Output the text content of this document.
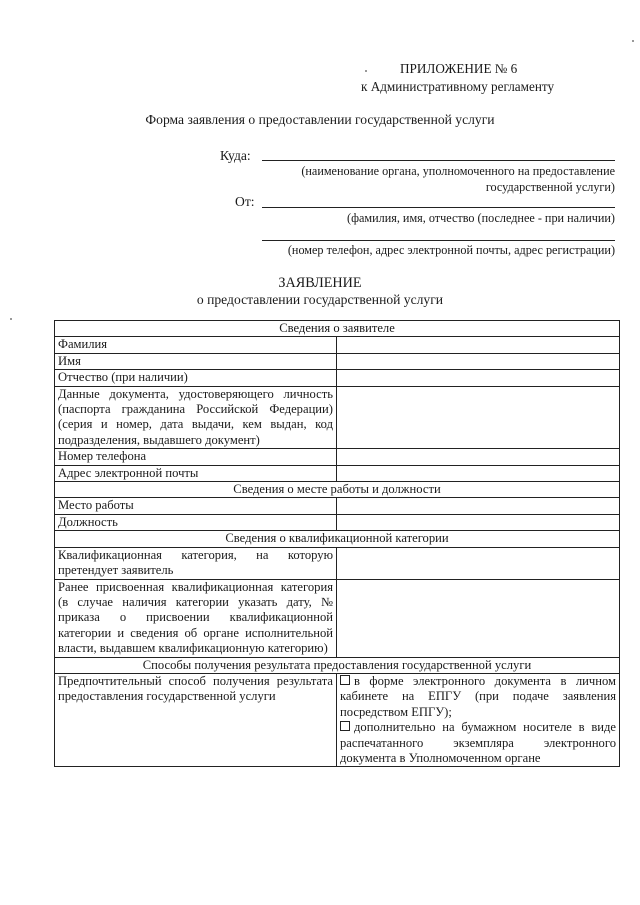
ПРИЛОЖЕНИЕ № 6
к Административному регламенту
Форма заявления о предоставлении государственной услуги
Куда:
(наименование органа, уполномоченного на предоставление государственной услуги)
От:
(фамилия, имя, отчество (последнее - при наличии)
(номер телефон, адрес электронной почты, адрес регистрации)
ЗАЯВЛЕНИЕ
о предоставлении государственной услуги
Сведения о заявителе	
Фамилия	
Имя	
Отчество (при наличии)	
Данные документа, удостоверяющего личность (паспорта гражданина Российской Федерации) (серия и номер, дата выдачи, кем выдан, код подразделения, выдавшего документ)	
Номер телефона	
Адрес электронной почты	
Сведения о месте работы и должности	
Место работы	
Должность	
Сведения о квалификационной категории	
Квалификационная категория, на которую претендует заявитель	
Ранее присвоенная квалификационная категория (в случае наличия категории указать дату, № приказа о присвоении квалификационной категории и сведения об органе исполнительной власти, выдавшем квалификационную категорию)	
Способы получения результата предоставления государственной услуги	
Предпочтительный способ получения результата предоставления государственной услуги	в форме электронного документа в личном кабинете на ЕПГУ (при подаче заявления посредством ЕПГУ);
дополнительно на бумажном носителе в виде распечатанного экземпляра электронного документа в Уполномоченном органе
